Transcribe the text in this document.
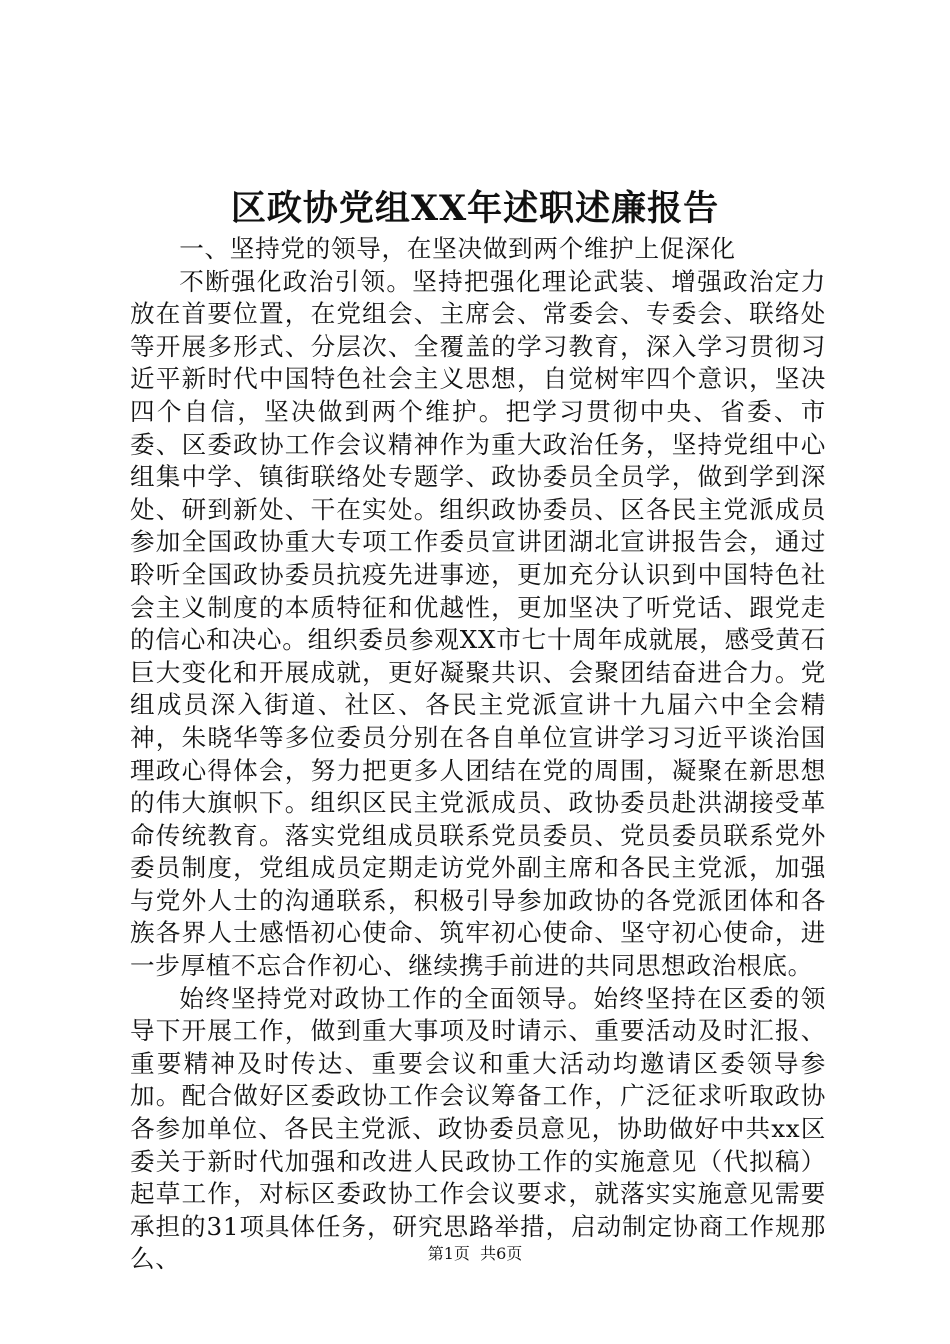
区政协党组XX年述职述廉报告

一、坚持党的领导，在坚决做到两个维护上促深化

不断强化政治引领。坚持把强化理论武装、增强政治定力放在首要位置，在党组会、主席会、常委会、专委会、联络处等开展多形式、分层次、全覆盖的学习教育，深入学习贯彻习近平新时代中国特色社会主义思想，自觉树牢四个意识，坚决四个自信，坚决做到两个维护。把学习贯彻中央、省委、市委、区委政协工作会议精神作为重大政治任务，坚持党组中心组集中学、镇街联络处专题学、政协委员全员学，做到学到深处、研到新处、干在实处。组织政协委员、区各民主党派成员参加全国政协重大专项工作委员宣讲团湖北宣讲报告会，通过聆听全国政协委员抗疫先进事迹，更加充分认识到中国特色社会主义制度的本质特征和优越性，更加坚决了听党话、跟党走的信心和决心。组织委员参观XX市七十周年成就展，感受黄石巨大变化和开展成就，更好凝聚共识、会聚团结奋进合力。党组成员深入街道、社区、各民主党派宣讲十九届六中全会精神，朱晓华等多位委员分别在各自单位宣讲学习习近平谈治国理政心得体会，努力把更多人团结在党的周围，凝聚在新思想的伟大旗帜下。组织区民主党派成员、政协委员赴洪湖接受革命传统教育。落实党组成员联系党员委员、党员委员联系党外委员制度，党组成员定期走访党外副主席和各民主党派，加强与党外人士的沟通联系，积极引导参加政协的各党派团体和各族各界人士感悟初心使命、筑牢初心使命、坚守初心使命，进一步厚植不忘合作初心、继续携手前进的共同思想政治根底。

始终坚持党对政协工作的全面领导。始终坚持在区委的领导下开展工作，做到重大事项及时请示、重要活动及时汇报、重要精神及时传达、重要会议和重大活动均邀请区委领导参加。配合做好区委政协工作会议筹备工作，广泛征求听取政协各参加单位、各民主党派、政协委员意见，协助做好中共xx区委关于新时代加强和改进人民政协工作的实施意见（代拟稿）起草工作，对标区委政协工作会议要求，就落实实施意见需要承担的31项具体任务，研究思路举措，启动制定协商工作规那么、	第1页 共6页
